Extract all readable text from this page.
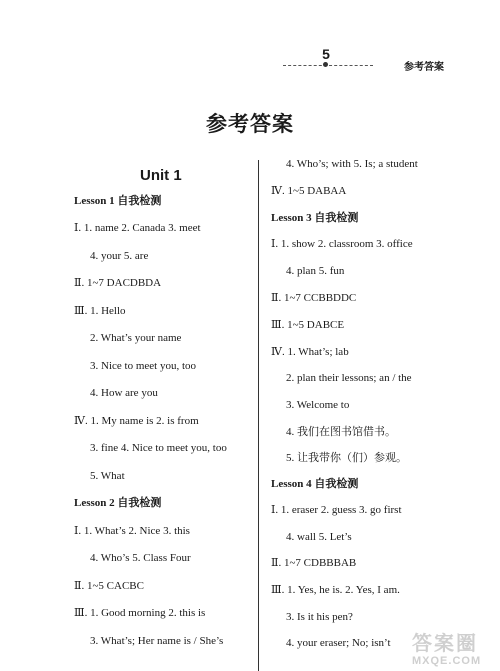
5
参考答案
参考答案
Unit 1
Lesson 1 自我检测
Ⅰ. 1. name 2. Canada 3. meet
4. your 5. are
Ⅱ. 1~7 DACDBDA
Ⅲ. 1. Hello
2. What’s your name
3. Nice to meet you, too
4. How are you
Ⅳ. 1. My name is 2. is from
3. fine 4. Nice to meet you, too
5. What
Lesson 2 自我检测
Ⅰ. 1. What’s 2. Nice 3. this
4. Who’s 5. Class Four
Ⅱ. 1~5 CACBC
Ⅲ. 1. Good morning 2. this is
3. What’s; Her name is / She’s
4. Who’s; with 5. Is; a student
Ⅳ. 1~5 DABAA
Lesson 3 自我检测
Ⅰ. 1. show 2. classroom 3. office
4. plan 5. fun
Ⅱ. 1~7 CCBBDDC
Ⅲ. 1~5 DABCE
Ⅳ. 1. What’s; lab
2. plan their lessons; an / the
3. Welcome to
4. 我们在图书馆借书。
5. 让我带你（们）参观。
Lesson 4 自我检测
Ⅰ. 1. eraser 2. guess 3. go first
4. wall 5. Let’s
Ⅱ. 1~7 CDBBBAB
Ⅲ. 1. Yes, he is. 2. Yes, I am.
3. Is it his pen?
4. your eraser; No; isn’t 答案圈
MXQE.COM
